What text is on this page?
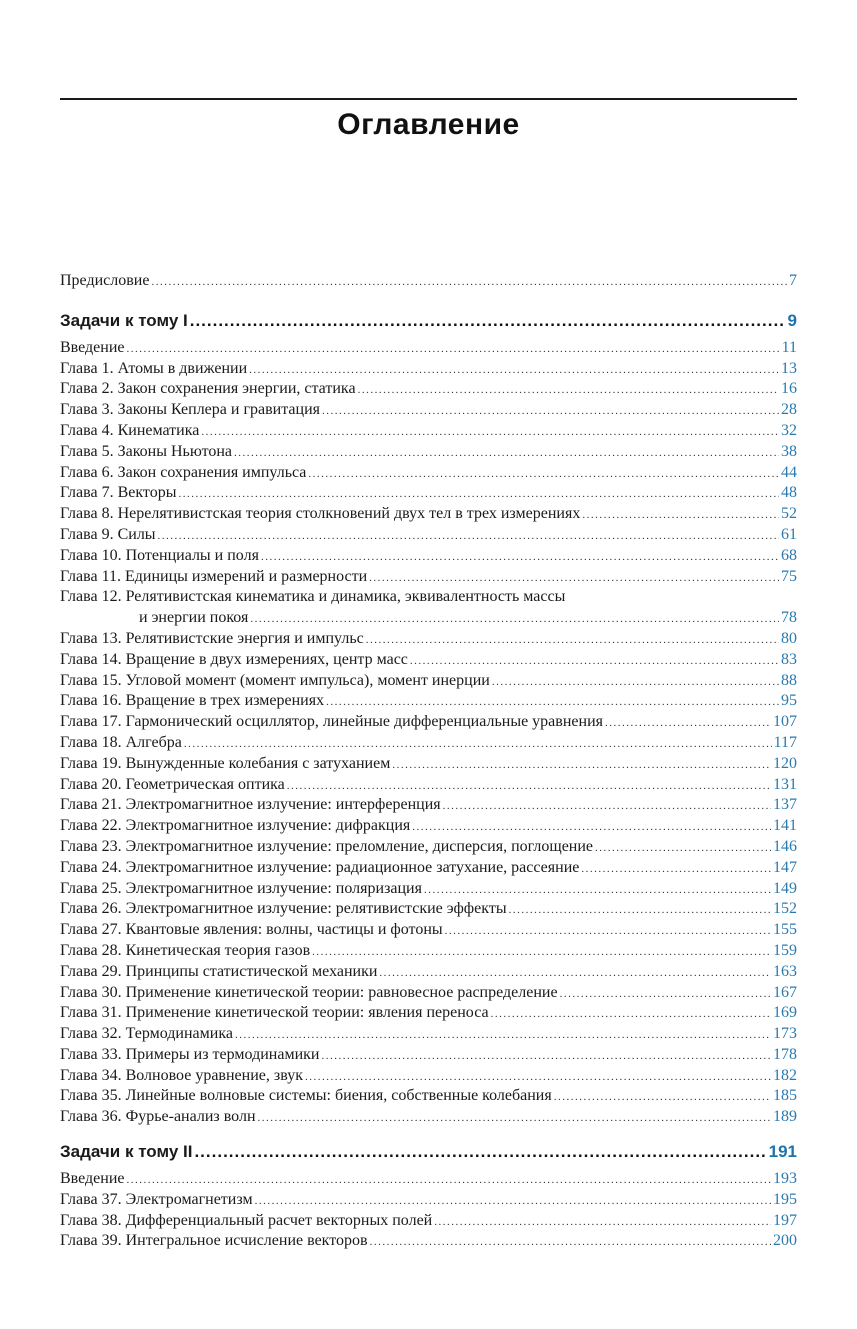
Оглавление
Предисловие .....	7
Задачи к тому I .....	9
Введение .....	11
Глава 1. Атомы в движении .....	13
Глава 2. Закон сохранения энергии, статика .....	16
Глава 3. Законы Кеплера и гравитация .....	28
Глава 4. Кинематика .....	32
Глава 5. Законы Ньютона .....	38
Глава 6. Закон сохранения импульса .....	44
Глава 7. Векторы .....	48
Глава 8. Нерелятивистская теория столкновений двух тел в трех измерениях .....	52
Глава 9. Силы .....	61
Глава 10. Потенциалы и поля .....	68
Глава 11. Единицы измерений и размерности .....	75
Глава 12. Релятивистская кинематика и динамика, эквивалентность массы
и энергии покоя .....	78
Глава 13. Релятивистские энергия и импульс .....	80
Глава 14. Вращение в двух измерениях, центр масс .....	83
Глава 15. Угловой момент (момент импульса), момент инерции .....	88
Глава 16. Вращение в трех измерениях .....	95
Глава 17. Гармонический осциллятор, линейные дифференциальные уравнения .....	107
Глава 18. Алгебра .....	117
Глава 19. Вынужденные колебания с затуханием .....	120
Глава 20. Геометрическая оптика .....	131
Глава 21. Электромагнитное излучение: интерференция .....	137
Глава 22. Электромагнитное излучение: дифракция .....	141
Глава 23. Электромагнитное излучение: преломление, дисперсия, поглощение .....	146
Глава 24. Электромагнитное излучение: радиационное затухание, рассеяние .....	147
Глава 25. Электромагнитное излучение: поляризация .....	149
Глава 26. Электромагнитное излучение: релятивистские эффекты .....	152
Глава 27. Квантовые явления: волны, частицы и фотоны .....	155
Глава 28. Кинетическая теория газов .....	159
Глава 29. Принципы статистической механики .....	163
Глава 30. Применение кинетической теории: равновесное распределение .....	167
Глава 31. Применение кинетической теории: явления переноса .....	169
Глава 32. Термодинамика .....	173
Глава 33. Примеры из термодинамики .....	178
Глава 34. Волновое уравнение, звук .....	182
Глава 35. Линейные волновые системы: биения, собственные колебания .....	185
Глава 36. Фурье-анализ волн .....	189
Задачи к тому II .....	191
Введение .....	193
Глава 37. Электромагнетизм .....	195
Глава 38. Дифференциальный расчет векторных полей .....	197
Глава 39. Интегральное исчисление векторов .....	200
